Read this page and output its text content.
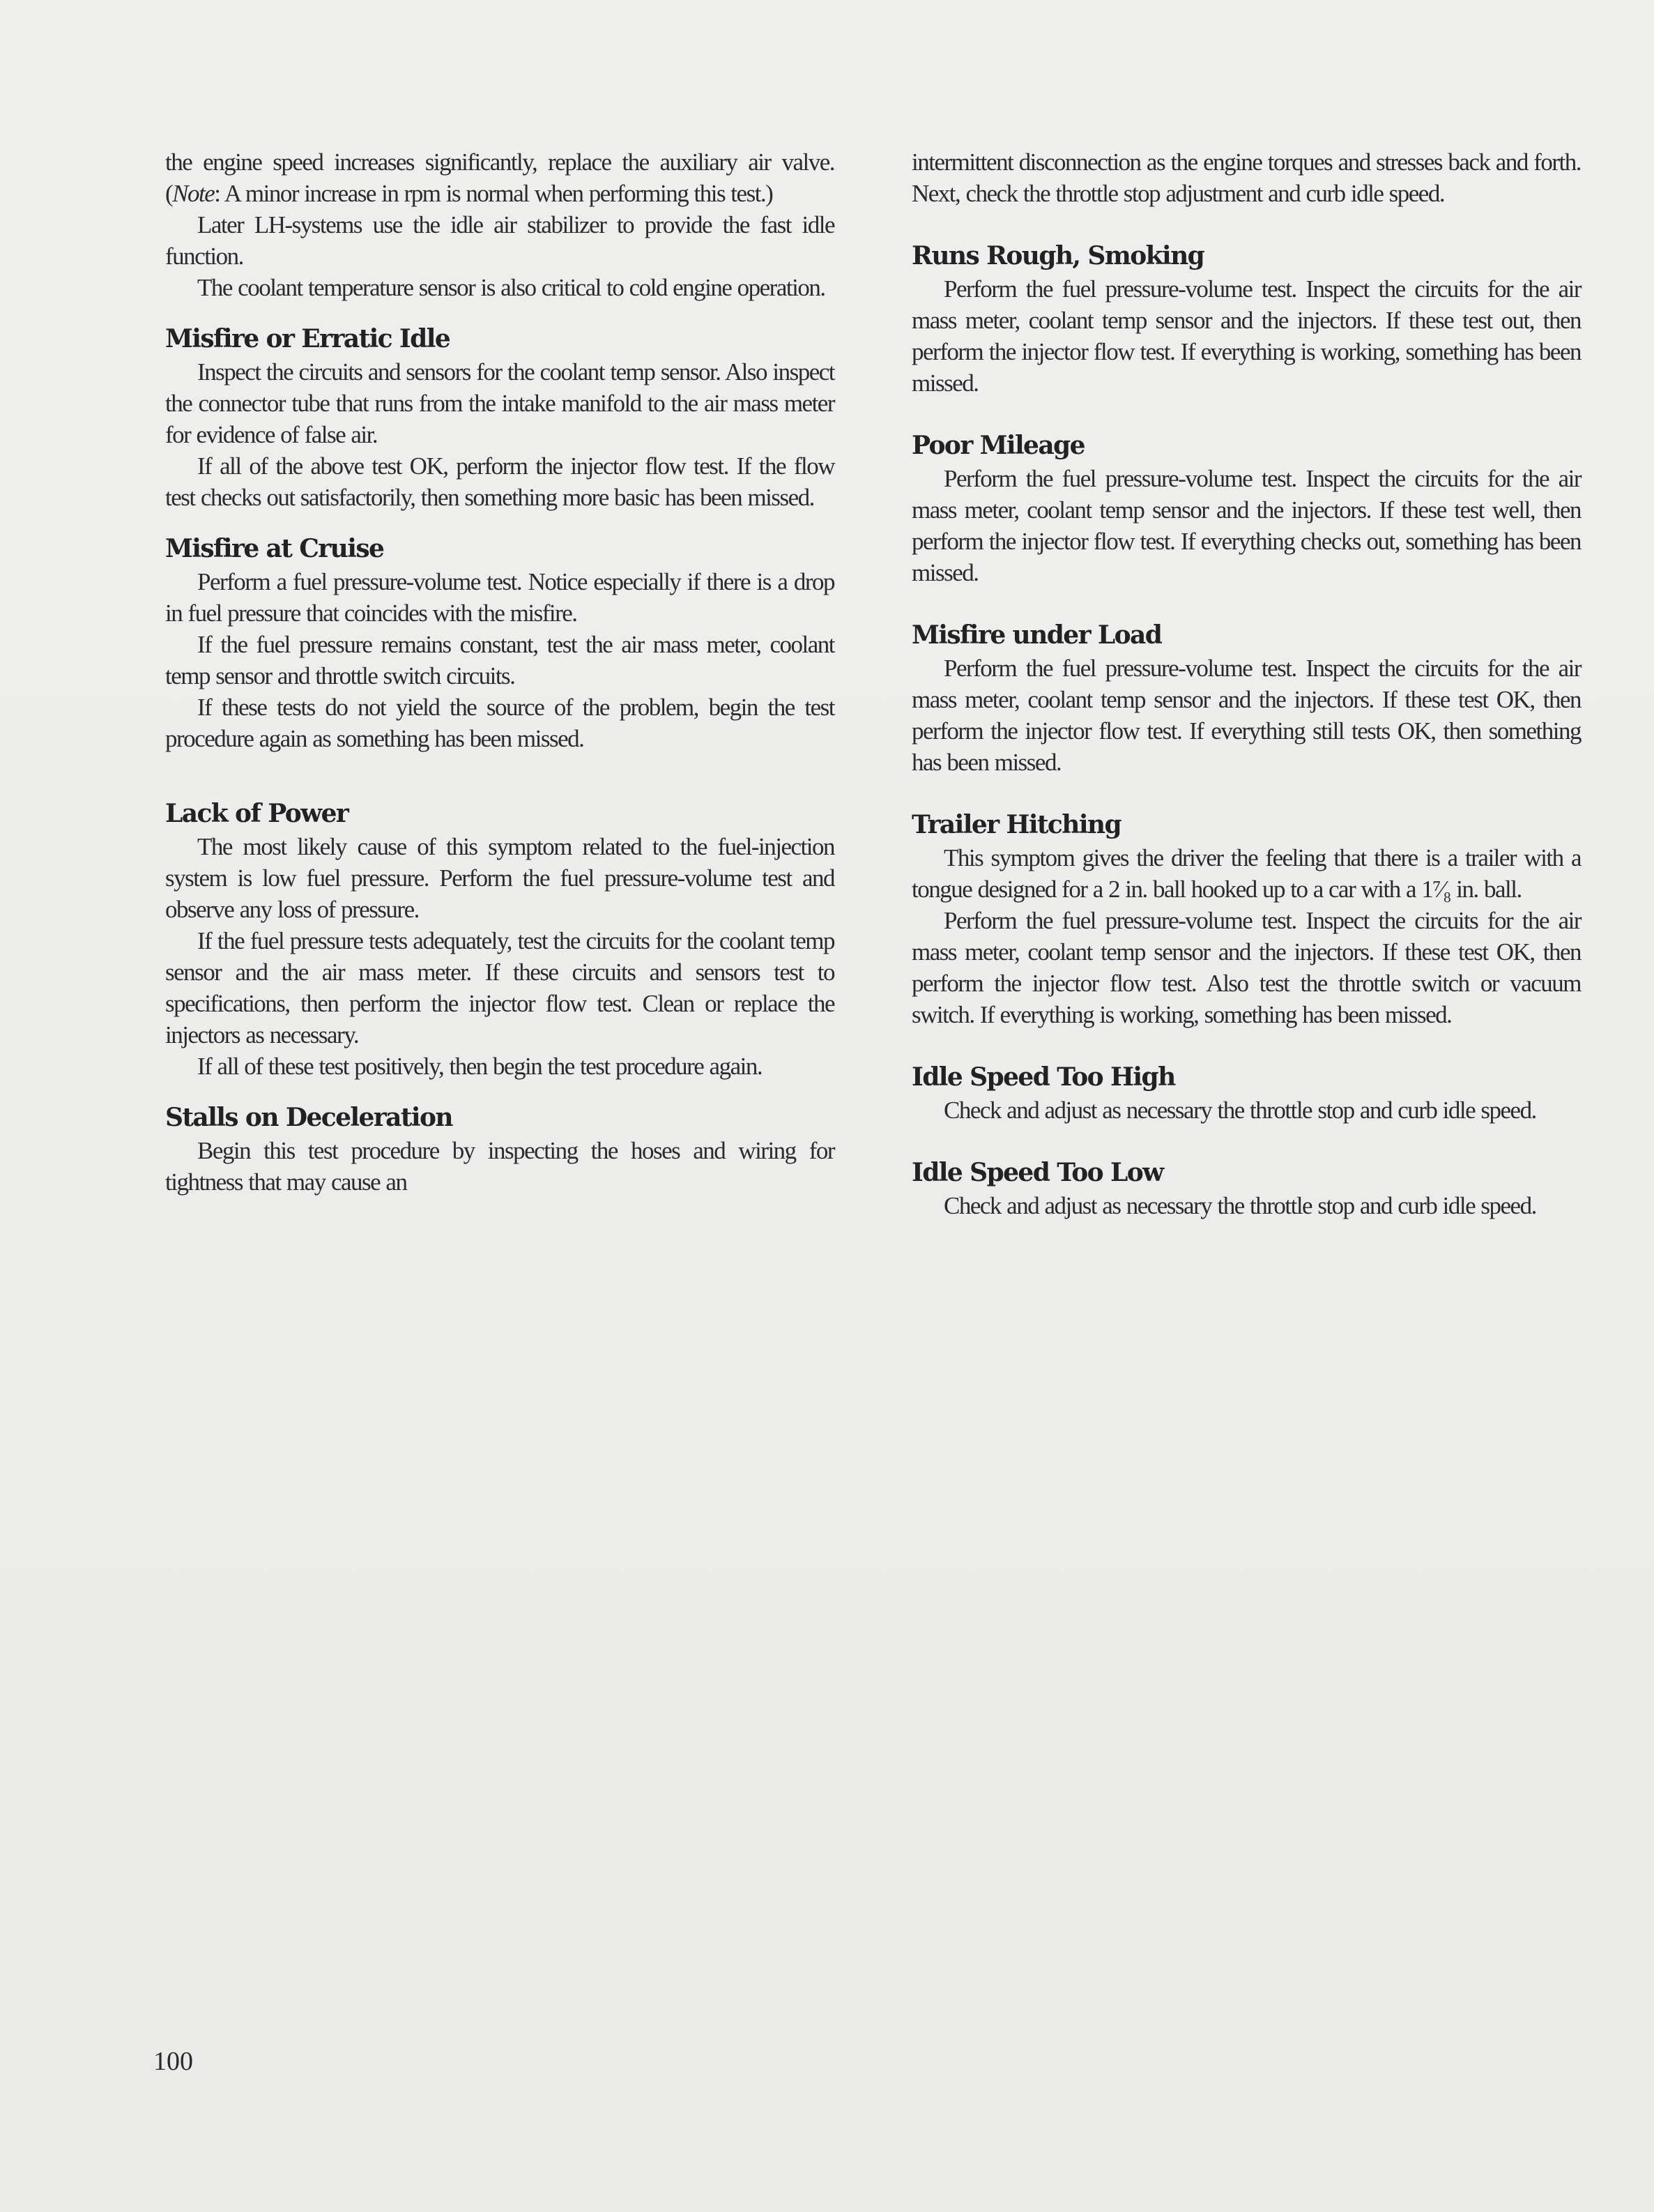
the engine speed increases significantly, replace the auxiliary air valve. (Note: A minor increase in rpm is normal when performing this test.)

Later LH-systems use the idle air stabilizer to provide the fast idle function.

The coolant temperature sensor is also critical to cold engine operation.

Misfire or Erratic Idle

Inspect the circuits and sensors for the coolant temp sensor. Also inspect the connector tube that runs from the intake manifold to the air mass meter for evidence of false air.

If all of the above test OK, perform the injector flow test. If the flow test checks out satisfactorily, then something more basic has been missed.

Misfire at Cruise

Perform a fuel pressure-volume test. Notice especially if there is a drop in fuel pressure that coincides with the misfire.

If the fuel pressure remains constant, test the air mass meter, coolant temp sensor and throttle switch circuits.

If these tests do not yield the source of the problem, begin the test procedure again as something has been missed.

Lack of Power

The most likely cause of this symptom related to the fuel-injection system is low fuel pressure. Perform the fuel pressure-volume test and observe any loss of pressure.

If the fuel pressure tests adequately, test the circuits for the coolant temp sensor and the air mass meter. If these circuits and sensors test to specifications, then perform the injector flow test. Clean or replace the injectors as necessary.

If all of these test positively, then begin the test procedure again.

Stalls on Deceleration

Begin this test procedure by inspecting the hoses and wiring for tightness that may cause an

intermittent disconnection as the engine torques and stresses back and forth. Next, check the throttle stop adjustment and curb idle speed.

Runs Rough, Smoking

Perform the fuel pressure-volume test. Inspect the circuits for the air mass meter, coolant temp sensor and the injectors. If these test out, then perform the injector flow test. If everything is working, something has been missed.

Poor Mileage

Perform the fuel pressure-volume test. Inspect the circuits for the air mass meter, coolant temp sensor and the injectors. If these test well, then perform the injector flow test. If everything checks out, something has been missed.

Misfire under Load

Perform the fuel pressure-volume test. Inspect the circuits for the air mass meter, coolant temp sensor and the injectors. If these test OK, then perform the injector flow test. If everything still tests OK, then something has been missed.

Trailer Hitching

This symptom gives the driver the feeling that there is a trailer with a tongue designed for a 2 in. ball hooked up to a car with a 1⁷⁄₈ in. ball.

Perform the fuel pressure-volume test. Inspect the circuits for the air mass meter, coolant temp sensor and the injectors. If these test OK, then perform the injector flow test. Also test the throttle switch or vacuum switch. If everything is working, something has been missed.

Idle Speed Too High

Check and adjust as necessary the throttle stop and curb idle speed.

Idle Speed Too Low

Check and adjust as necessary the throttle stop and curb idle speed.

100
